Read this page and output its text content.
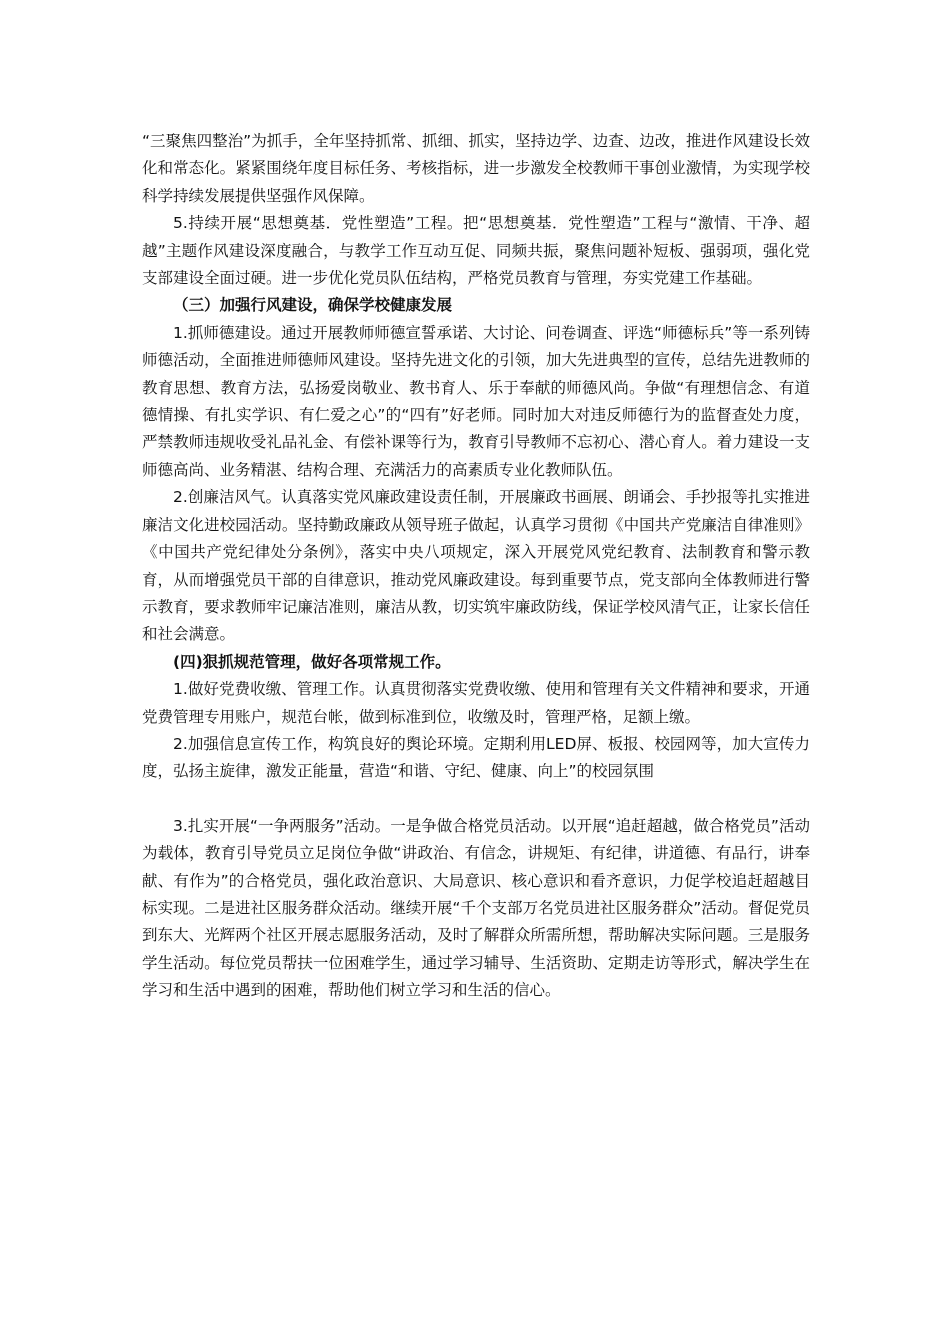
“三聚焦四整治”为抓手，全年坚持抓常、抓细、抓实，坚持边学、边查、边改，推进作风建设长效化和常态化。紧紧围绕年度目标任务、考核指标，进一步激发全校教师干事创业激情，为实现学校科学持续发展提供坚强作风保障。

5.持续开展“思想奠基．党性塑造”工程。把“思想奠基．党性塑造”工程与“激情、干净、超越”主题作风建设深度融合，与教学工作互动互促、同频共振，聚焦问题补短板、强弱项，强化党支部建设全面过硬。进一步优化党员队伍结构，严格党员教育与管理，夯实党建工作基础。

（三）加强行风建设，确保学校健康发展

1.抓师德建设。通过开展教师师德宣誓承诺、大讨论、问卷调查、评选“师德标兵”等一系列铸师德活动，全面推进师德师风建设。坚持先进文化的引领，加大先进典型的宣传，总结先进教师的教育思想、教育方法，弘扬爱岗敬业、教书育人、乐于奉献的师德风尚。争做“有理想信念、有道德情操、有扎实学识、有仁爱之心”的“四有”好老师。同时加大对违反师德行为的监督查处力度，严禁教师违规收受礼品礼金、有偿补课等行为，教育引导教师不忘初心、潜心育人。着力建设一支师德高尚、业务精湛、结构合理、充满活力的高素质专业化教师队伍。

2.创廉洁风气。认真落实党风廉政建设责任制，开展廉政书画展、朗诵会、手抄报等扎实推进廉洁文化进校园活动。坚持勤政廉政从领导班子做起，认真学习贯彻《中国共产党廉洁自律准则》《中国共产党纪律处分条例》，落实中央八项规定，深入开展党风党纪教育、法制教育和警示教育，从而增强党员干部的自律意识，推动党风廉政建设。每到重要节点，党支部向全体教师进行警示教育，要求教师牢记廉洁准则，廉洁从教，切实筑牢廉政防线，保证学校风清气正，让家长信任和社会满意。

(四)狠抓规范管理，做好各项常规工作。

1.做好党费收缴、管理工作。认真贯彻落实党费收缴、使用和管理有关文件精神和要求，开通党费管理专用账户，规范台帐，做到标准到位，收缴及时，管理严格，足额上缴。

2.加强信息宣传工作，构筑良好的舆论环境。定期利用LED屏、板报、校园网等，加大宣传力度，弘扬主旋律，激发正能量，营造“和谐、守纪、健康、向上”的校园氛围

3.扎实开展“一争两服务”活动。一是争做合格党员活动。以开展“追赶超越，做合格党员”活动为载体，教育引导党员立足岗位争做“讲政治、有信念，讲规矩、有纪律，讲道德、有品行，讲奉献、有作为”的合格党员，强化政治意识、大局意识、核心意识和看齐意识，力促学校追赶超越目标实现。二是进社区服务群众活动。继续开展“千个支部万名党员进社区服务群众”活动。督促党员到东大、光辉两个社区开展志愿服务活动，及时了解群众所需所想，帮助解决实际问题。三是服务学生活动。每位党员帮扶一位困难学生，通过学习辅导、生活资助、定期走访等形式，解决学生在学习和生活中遇到的困难，帮助他们树立学习和生活的信心。
